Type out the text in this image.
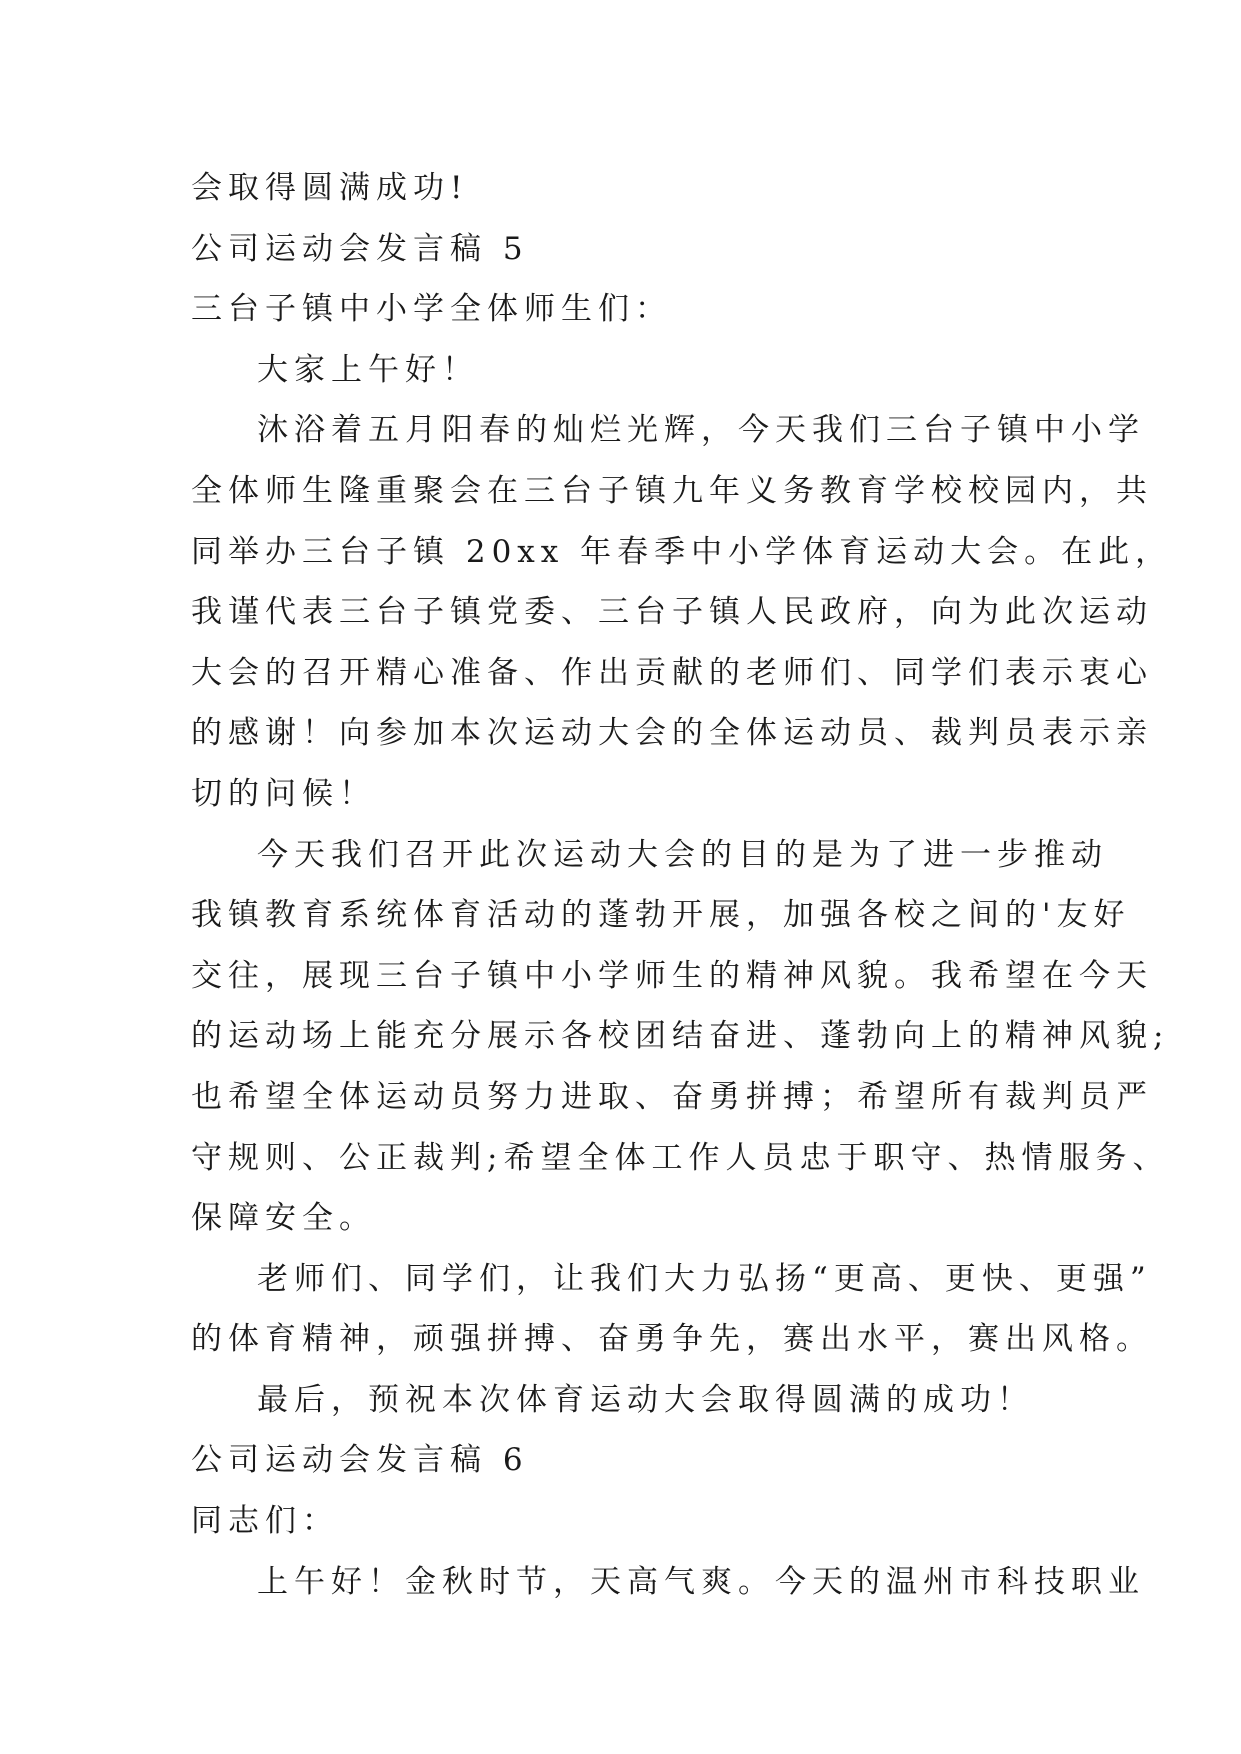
会取得圆满成功!
公司运动会发言稿 5
三台子镇中小学全体师生们：
大家上午好！
沐浴着五月阳春的灿烂光辉，今天我们三台子镇中小学
全体师生隆重聚会在三台子镇九年义务教育学校校园内，共
同举办三台子镇 20xx 年春季中小学体育运动大会。在此，
我谨代表三台子镇党委、三台子镇人民政府，向为此次运动
大会的召开精心准备、作出贡献的老师们、同学们表示衷心
的感谢！向参加本次运动大会的全体运动员、裁判员表示亲
切的问候！
今天我们召开此次运动大会的目的是为了进一步推动
我镇教育系统体育活动的蓬勃开展，加强各校之间的'友好
交往，展现三台子镇中小学师生的精神风貌。我希望在今天
的运动场上能充分展示各校团结奋进、蓬勃向上的精神风貌;
也希望全体运动员努力进取、奋勇拼搏；希望所有裁判员严
守规则、公正裁判;希望全体工作人员忠于职守、热情服务、
保障安全。
老师们、同学们，让我们大力弘扬“更高、更快、更强”
的体育精神，顽强拼搏、奋勇争先，赛出水平，赛出风格。
最后，预祝本次体育运动大会取得圆满的成功！
公司运动会发言稿 6
同志们：
上午好！金秋时节，天高气爽。今天的温州市科技职业
